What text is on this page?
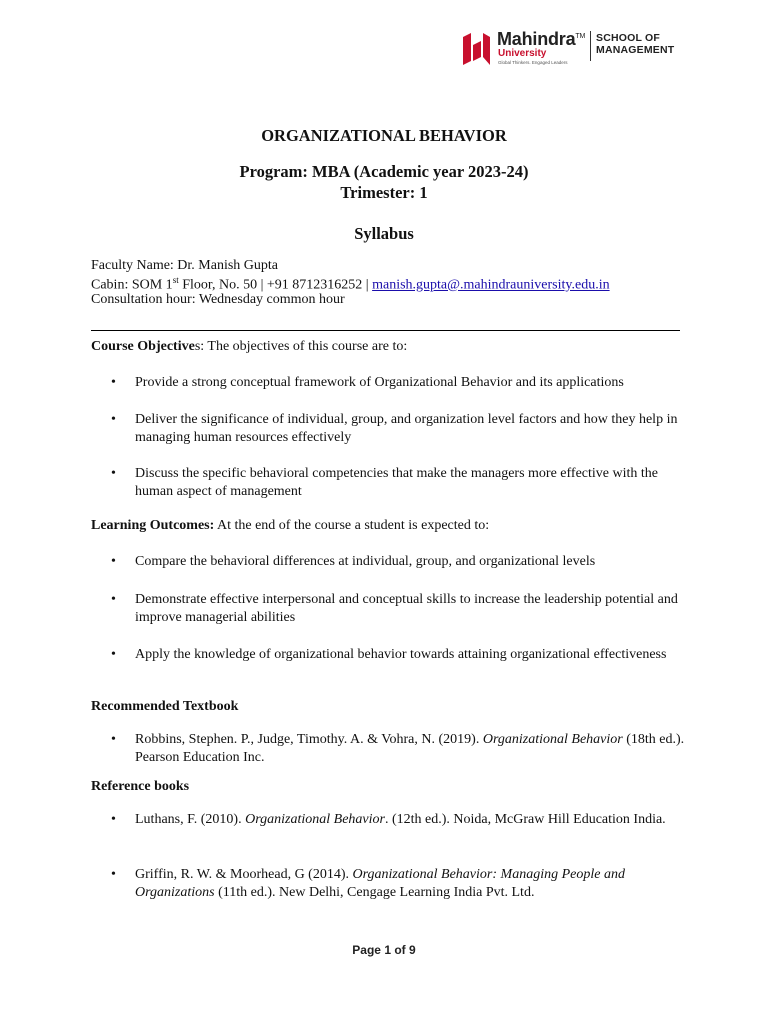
Mahindra™
University
Global Thinkers. Engaged Leaders
SCHOOL OF
MANAGEMENT
ORGANIZATIONAL BEHAVIOR
Program: MBA (Academic year 2023-24)
Trimester: 1
Syllabus
Faculty Name: Dr. Manish Gupta
Cabin: SOM 1st Floor, No. 50 | +91 8712316252 | manish.gupta@.mahindrauniversity.edu.in
Consultation hour: Wednesday common hour
Course Objectives: The objectives of this course are to:
• Provide a strong conceptual framework of Organizational Behavior and its applications
• Deliver the significance of individual, group, and organization level factors and how they help in managing human resources effectively
• Discuss the specific behavioral competencies that make the managers more effective with the human aspect of management
Learning Outcomes: At the end of the course a student is expected to:
• Compare the behavioral differences at individual, group, and organizational levels
• Demonstrate effective interpersonal and conceptual skills to increase the leadership potential and improve managerial abilities
• Apply the knowledge of organizational behavior towards attaining organizational effectiveness
Recommended Textbook
• Robbins, Stephen. P., Judge, Timothy. A. & Vohra, N. (2019). Organizational Behavior (18th ed.). Pearson Education Inc.
Reference books
• Luthans, F. (2010). Organizational Behavior. (12th ed.). Noida, McGraw Hill Education India.
• Griffin, R. W. & Moorhead, G (2014). Organizational Behavior: Managing People and Organizations (11th ed.). New Delhi, Cengage Learning India Pvt. Ltd.
Page 1 of 9
